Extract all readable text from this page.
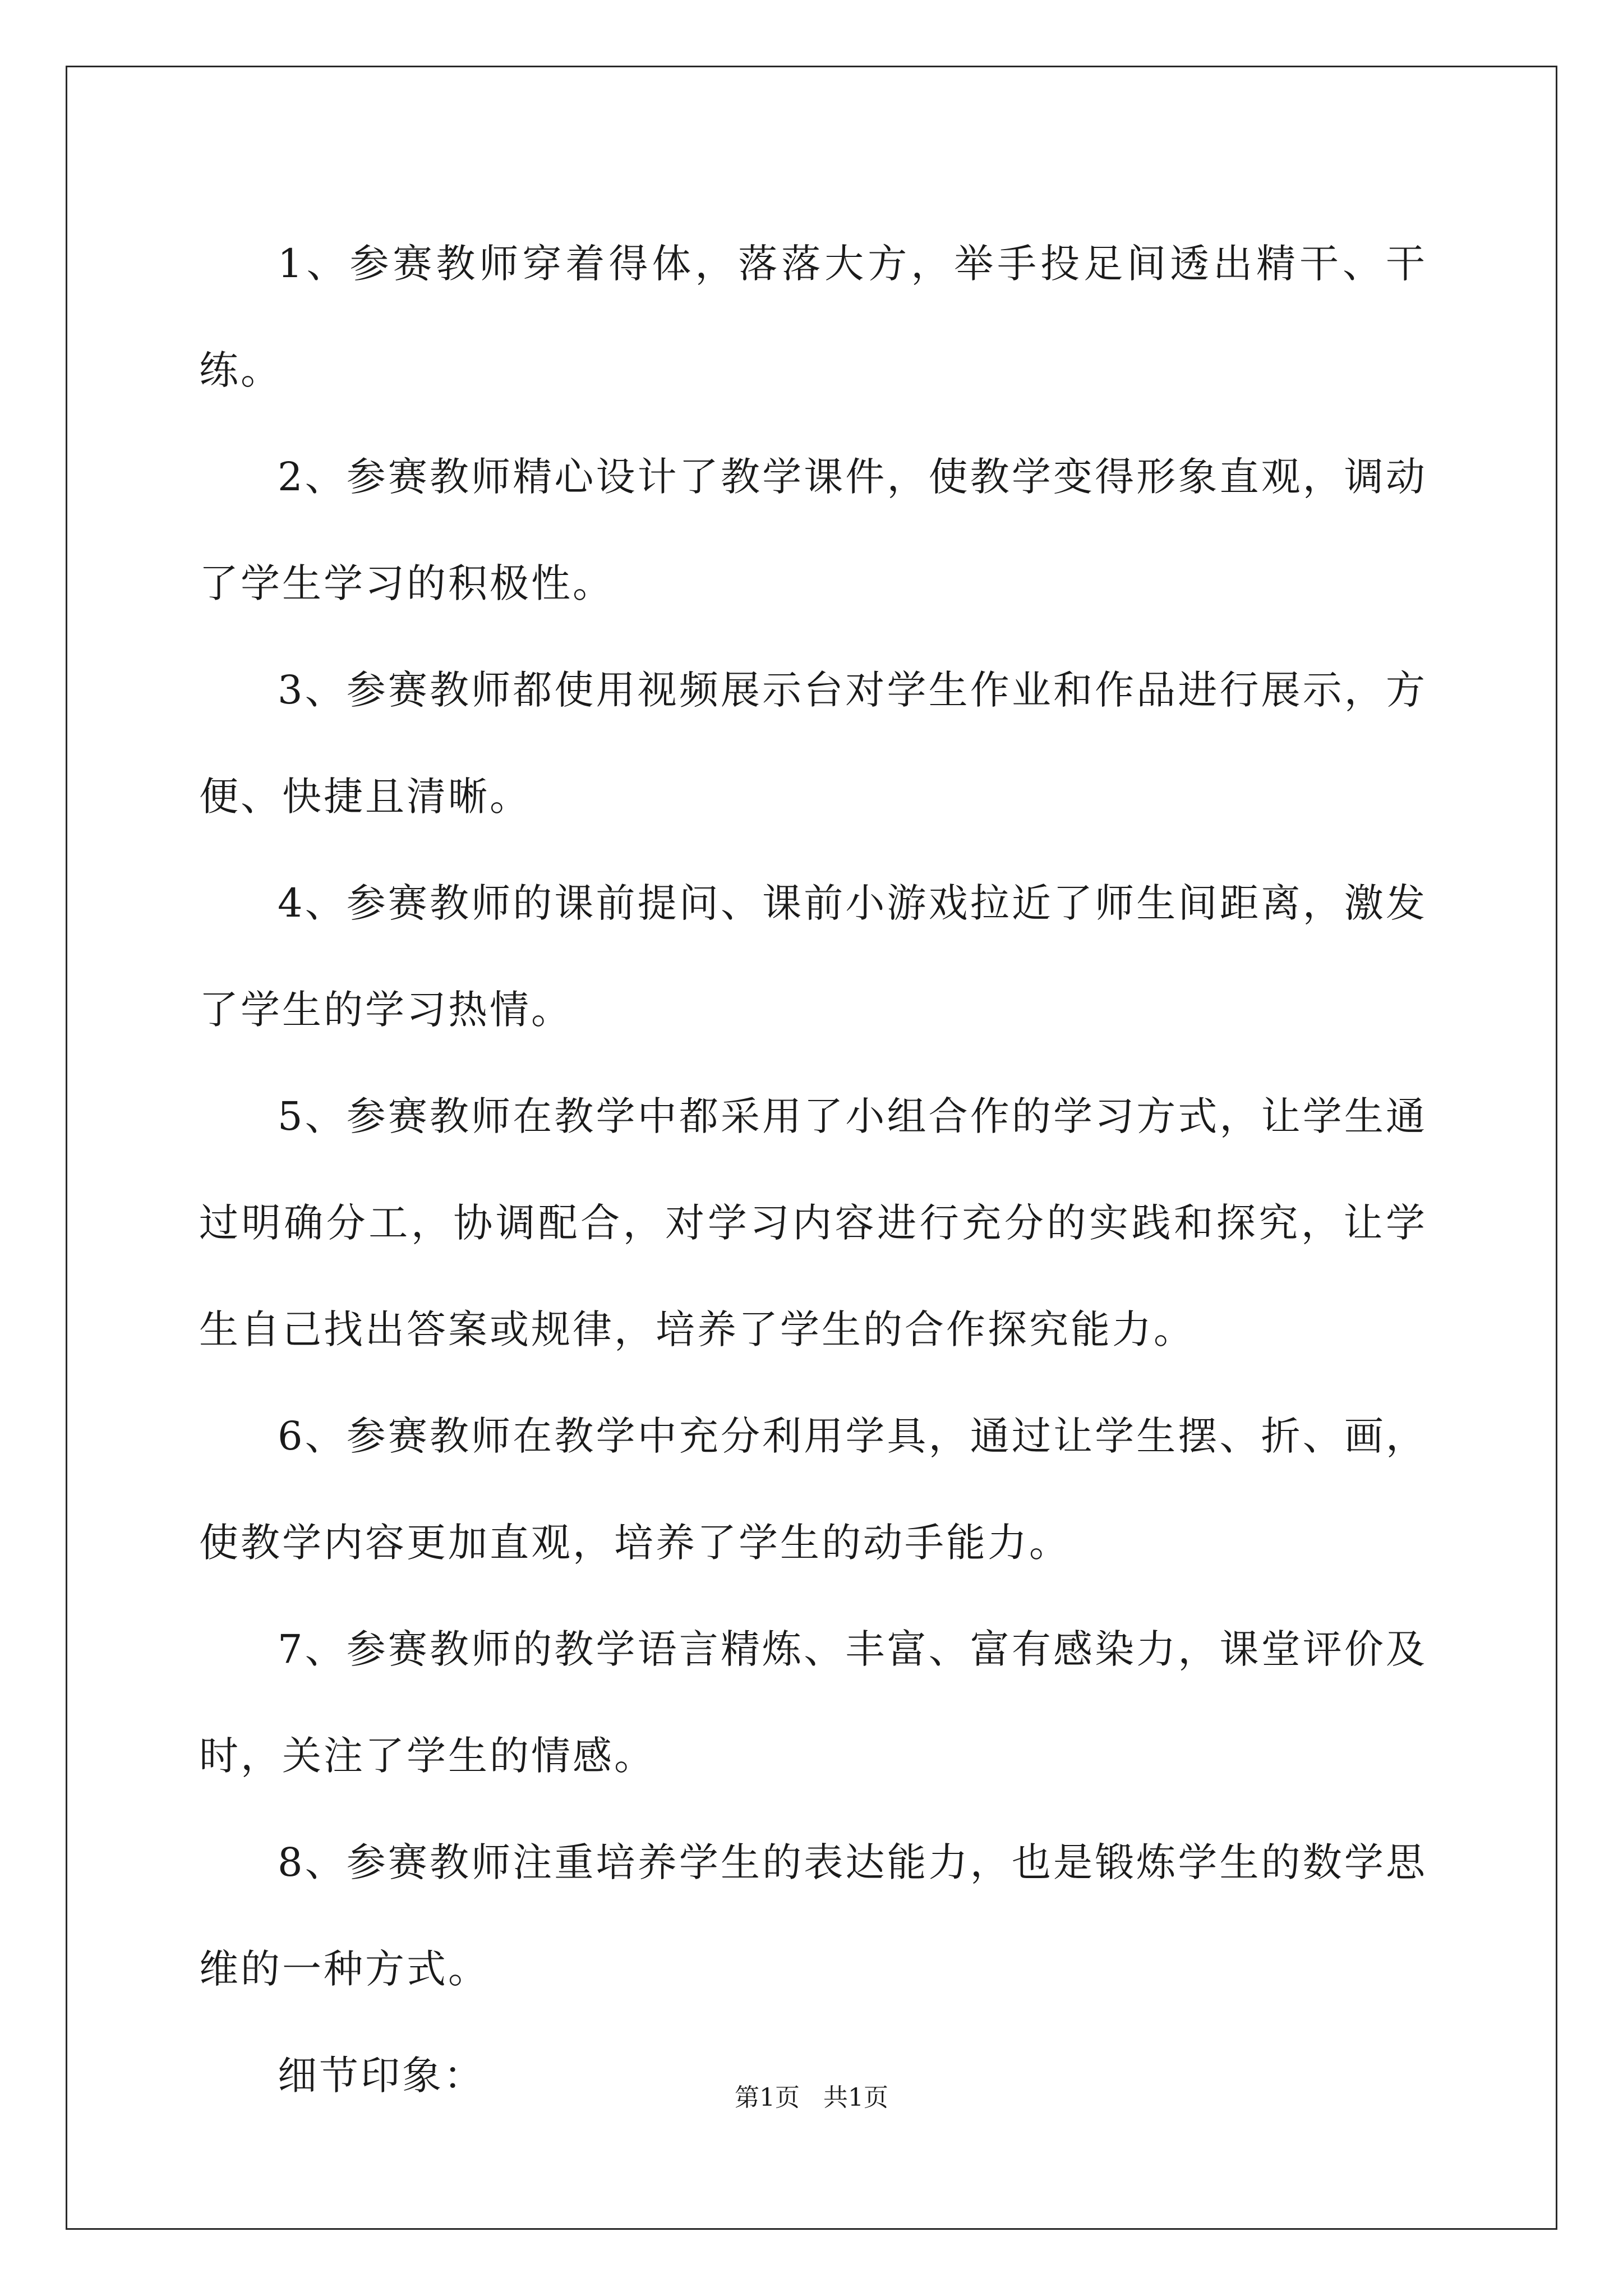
1、参赛教师穿着得体，落落大方，举手投足间透出精干、干练。

2、参赛教师精心设计了教学课件，使教学变得形象直观，调动了学生学习的积极性。

3、参赛教师都使用视频展示台对学生作业和作品进行展示，方便、快捷且清晰。

4、参赛教师的课前提问、课前小游戏拉近了师生间距离，激发了学生的学习热情。

5、参赛教师在教学中都采用了小组合作的学习方式，让学生通过明确分工，协调配合，对学习内容进行充分的实践和探究，让学生自己找出答案或规律，培养了学生的合作探究能力。

6、参赛教师在教学中充分利用学具，通过让学生摆、折、画，使教学内容更加直观，培养了学生的动手能力。

7、参赛教师的教学语言精炼、丰富、富有感染力，课堂评价及时，关注了学生的情感。

8、参赛教师注重培养学生的表达能力，也是锻炼学生的数学思维的一种方式。

细节印象：	第1页 共1页
